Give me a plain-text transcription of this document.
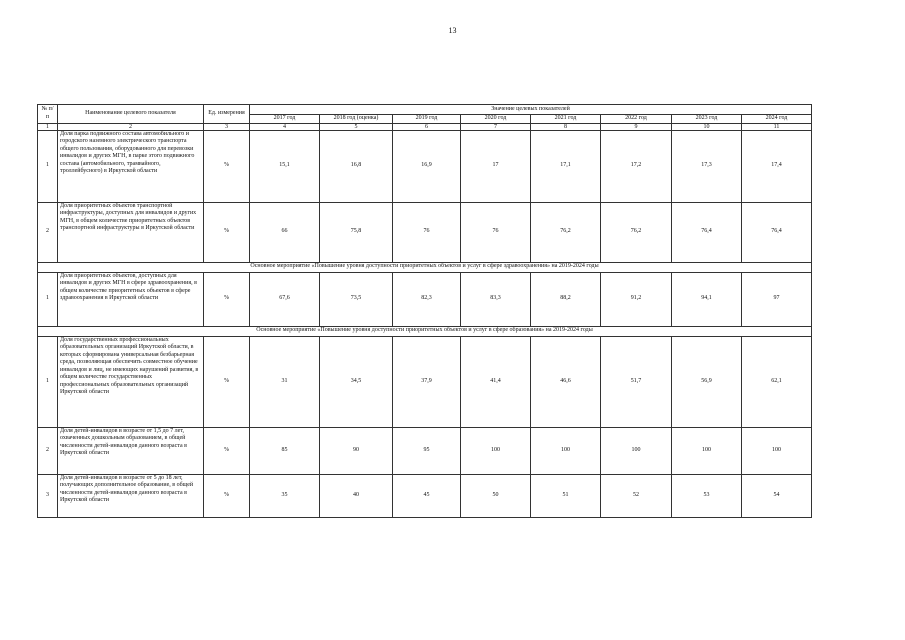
13
№ п/п	Наименование целевого показателя	Ед. измерения	Значение целевых показателей							
			2017 год	2018 год (оценка)	2019 год	2020 год	2021 год	2022 год	2023 год	2024 год
1	2	3	4	5	6	7	8	9	10	11
1	Доля парка подвижного состава автомобильного и городского наземного электрического транспорта общего пользования, оборудованного для перевозки инвалидов и других МГН, в парке этого подвижного состава (автомобильного, трамвайного, троллейбусного) в Иркутской области	%	15,1	16,8	16,9	17	17,1	17,2	17,3	17,4
2	Доля приоритетных объектов транспортной инфраструктуры, доступных для инвалидов и других МГН, в общем количестве приоритетных объектов транспортной инфраструктуры в Иркутской области	%	66	75,8	76	76	76,2	76,2	76,4	76,4
Основное мероприятие «Повышение уровня доступности приоритетных объектов и услуг в сфере здравоохранения» на 2019-2024 годы										
1	Доля приоритетных объектов, доступных для инвалидов и других МГН в сфере здравоохранения, в общем количестве приоритетных объектов в сфере здравоохранения в Иркутской области	%	67,6	73,5	82,3	83,3	88,2	91,2	94,1	97
Основное мероприятие «Повышение уровня доступности приоритетных объектов и услуг в сфере образования» на 2019-2024 годы										
1	Доля государственных профессиональных образовательных организаций Иркутской области, в которых сформирована универсальная безбарьерная среда, позволяющая обеспечить совместное обучение инвалидов и лиц, не имеющих нарушений развития, в общем количестве государственных профессиональных образовательных организаций Иркутской области	%	31	34,5	37,9	41,4	46,6	51,7	56,9	62,1
2	Доля детей-инвалидов в возрасте от 1,5 до 7 лет, охваченных дошкольным образованием, в общей численности детей-инвалидов данного возраста в Иркутской области	%	85	90	95	100	100	100	100	100
3	Доля детей-инвалидов в возрасте от 5 до 18 лет, получающих дополнительное образование, в общей численности детей-инвалидов данного возраста в Иркутской области	%	35	40	45	50	51	52	53	54
